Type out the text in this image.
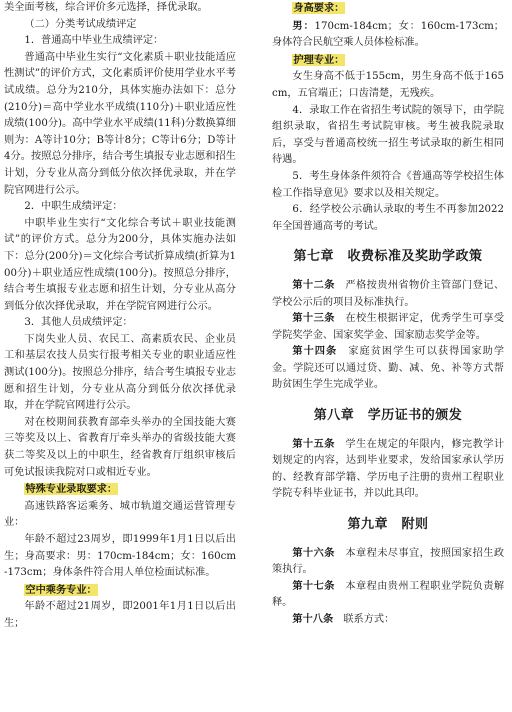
美全面考核，综合评价多元选择，择优录取。

（二）分类考试成绩评定

1．普通高中毕业生成绩评定：

普通高中毕业生实行“文化素质＋职业技能适应性测试”的评价方式，文化素质评价使用学业水平考试成绩。总分为210分，具体实施办法如下：总分(210分)＝高中学业水平成绩(110分)＋职业适应性成绩(100分)。高中学业水平成绩(11科)分数换算细则为：A等计10分；B等计8分；C等计6分；D等计4分。按照总分排序，结合考生填报专业志愿和招生计划，分专业从高分到低分依次择优录取，并在学院官网进行公示。

2．中职生成绩评定：

中职毕业生实行“文化综合考试＋职业技能测试”的评价方式。总分为200分，具体实施办法如下：总分(200分)＝文化综合考试折算成绩(折算为100分)＋职业适应性成绩(100分)。按照总分排序，结合考生填报专业志愿和招生计划，分专业从高分到低分依次择优录取，并在学院官网进行公示。

3．其他人员成绩评定：

下岗失业人员、农民工、高素质农民、企业员工和基层农技人员实行报考相关专业的职业适应性测试(100分)。按照总分排序，结合考生填报专业志愿和招生计划，分专业从高分到低分依次择优录取，并在学院官网进行公示。

对在校期间获教育部牵头举办的全国技能大赛三等奖及以上、省教育厅牵头举办的省级技能大赛获二等奖及以上的中职生，经省教育厅组织审核后可免试报读我院对口或相近专业。

特殊专业录取要求：

高速铁路客运乘务、城市轨道交通运营管理专业：

年龄不超过23周岁，即1999年1月1日以后出生；身高要求：男：170cm-184cm；女：160cm-173cm；身体条件符合用人单位检面试标准。

空中乘务专业：

年龄不超过21周岁，即2001年1月1日以后出生；

身高要求：

男：170cm-184cm；女：160cm-173cm；身体符合民航空乘人员体检标准。

护理专业：

女生身高不低于155cm，男生身高不低于165cm，五官端正；口齿清楚，无残疾。

4．录取工作在省招生考试院的领导下，由学院组织录取，省招生考试院审核。考生被我院录取后，享受与普通高校统一招生考试录取的新生相同待遇。

5．考生身体条件须符合《普通高等学校招生体检工作指导意见》要求以及相关规定。

6．经学校公示确认录取的考生不再参加2022年全国普通高考的考试。

第七章　收费标准及奖助学政策

第十二条　 严格按贵州省物价主管部门登记、学校公示后的项目及标准执行。

第十三条　 在校生根据评定，优秀学生可享受学院奖学金、国家奖学金、国家励志奖学金等。

第十四条　 家庭贫困学生可以获得国家助学金。学院还可以通过贷、勤、减、免、补等方式帮助贫困生学生完成学业。

第八章　学历证书的颁发

第十五条　 学生在规定的年限内，修完教学计划规定的内容，达到毕业要求，发给国家承认学历的、经教育部学籍、学历电子注册的贵州工程职业学院专科毕业证书，并以此具印。

第九章　附则

第十六条　 本章程未尽事宜，按照国家招生政策执行。

第十七条　 本章程由贵州工程职业学院负责解释。

第十八条　 联系方式：
